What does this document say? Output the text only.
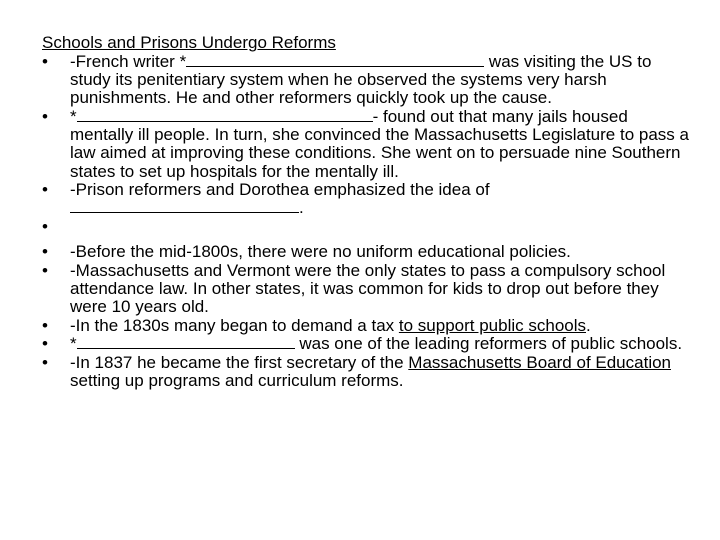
Schools and Prisons Undergo Reforms

•	-French writer *	was visiting the US to study its penitentiary system when he observed the systems very harsh punishments. He and other reformers quickly took up the cause.
•	*	- found out that many jails housed mentally ill people. In turn, she convinced the Massachusetts Legislature to pass a law aimed at improving these conditions. She went on to persuade nine Southern states to set up hospitals for the mentally ill.
•	-Prison reformers and Dorothea emphasized the idea of .
•
•	-Before the mid-1800s, there were no uniform educational policies.
•	-Massachusetts and Vermont were the only states to pass a compulsory school attendance law. In other states, it was common for kids to drop out before they were 10 years old.
•	-In the 1830s many began to demand a tax to support public schools.
•	*	was one of the leading reformers of public schools.
•	-In 1837 he became the first secretary of the Massachusetts Board of Education setting up programs and curriculum reforms.
